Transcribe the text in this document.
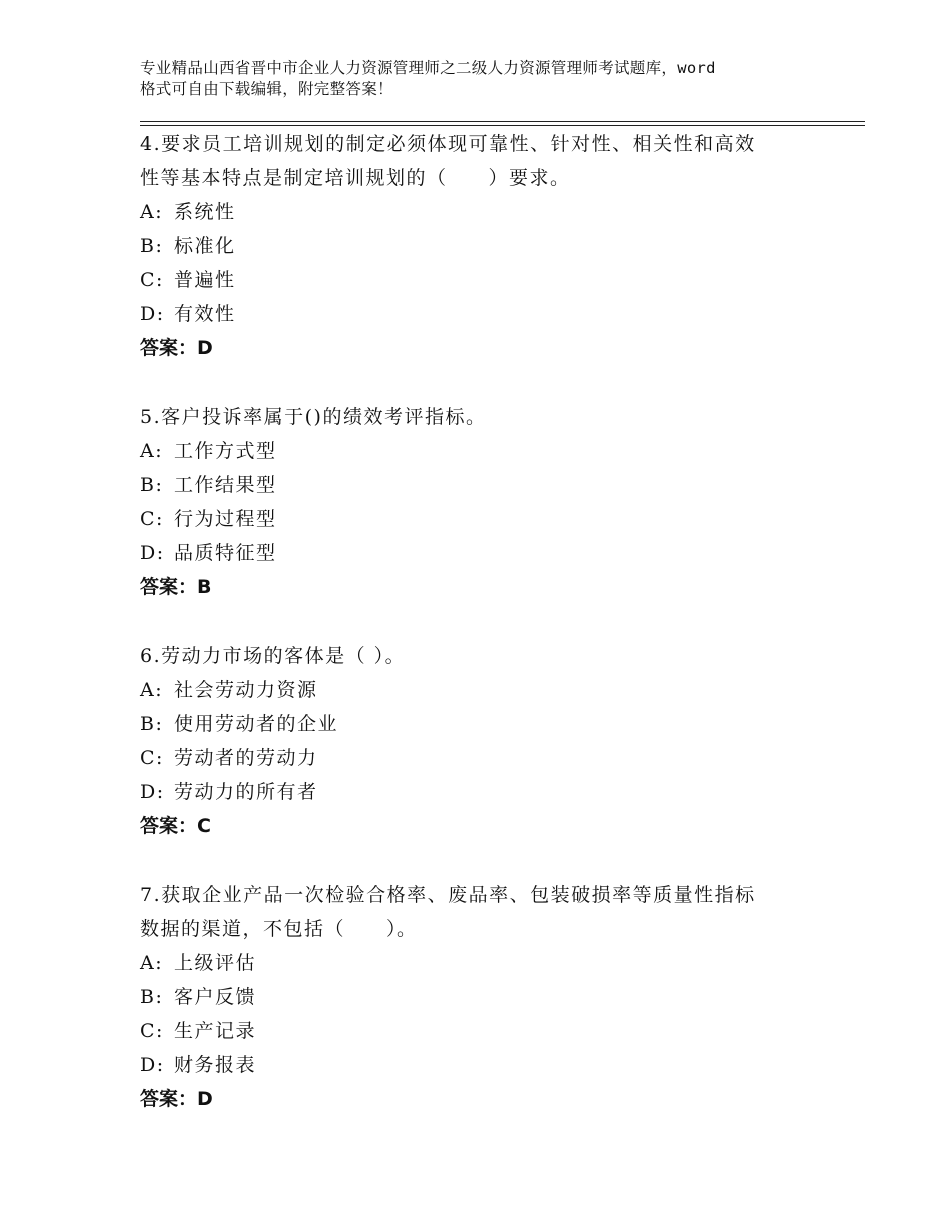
专业精品山西省晋中市企业人力资源管理师之二级人力资源管理师考试题库，word
格式可自由下载编辑，附完整答案！

4.要求员工培训规划的制定必须体现可靠性、针对性、相关性和高效

性等基本特点是制定培训规划的（　　）要求。

A: 系统性

B: 标准化

C: 普遍性

D: 有效性

答案：D

5.客户投诉率属于()的绩效考评指标。

A: 工作方式型

B: 工作结果型

C: 行为过程型

D: 品质特征型

答案：B

6.劳动力市场的客体是（ ）。

A: 社会劳动力资源

B: 使用劳动者的企业

C: 劳动者的劳动力

D: 劳动力的所有者

答案：C

7.获取企业产品一次检验合格率、废品率、包装破损率等质量性指标

数据的渠道，不包括（　　）。

A: 上级评估

B: 客户反馈

C: 生产记录

D: 财务报表

答案：D
